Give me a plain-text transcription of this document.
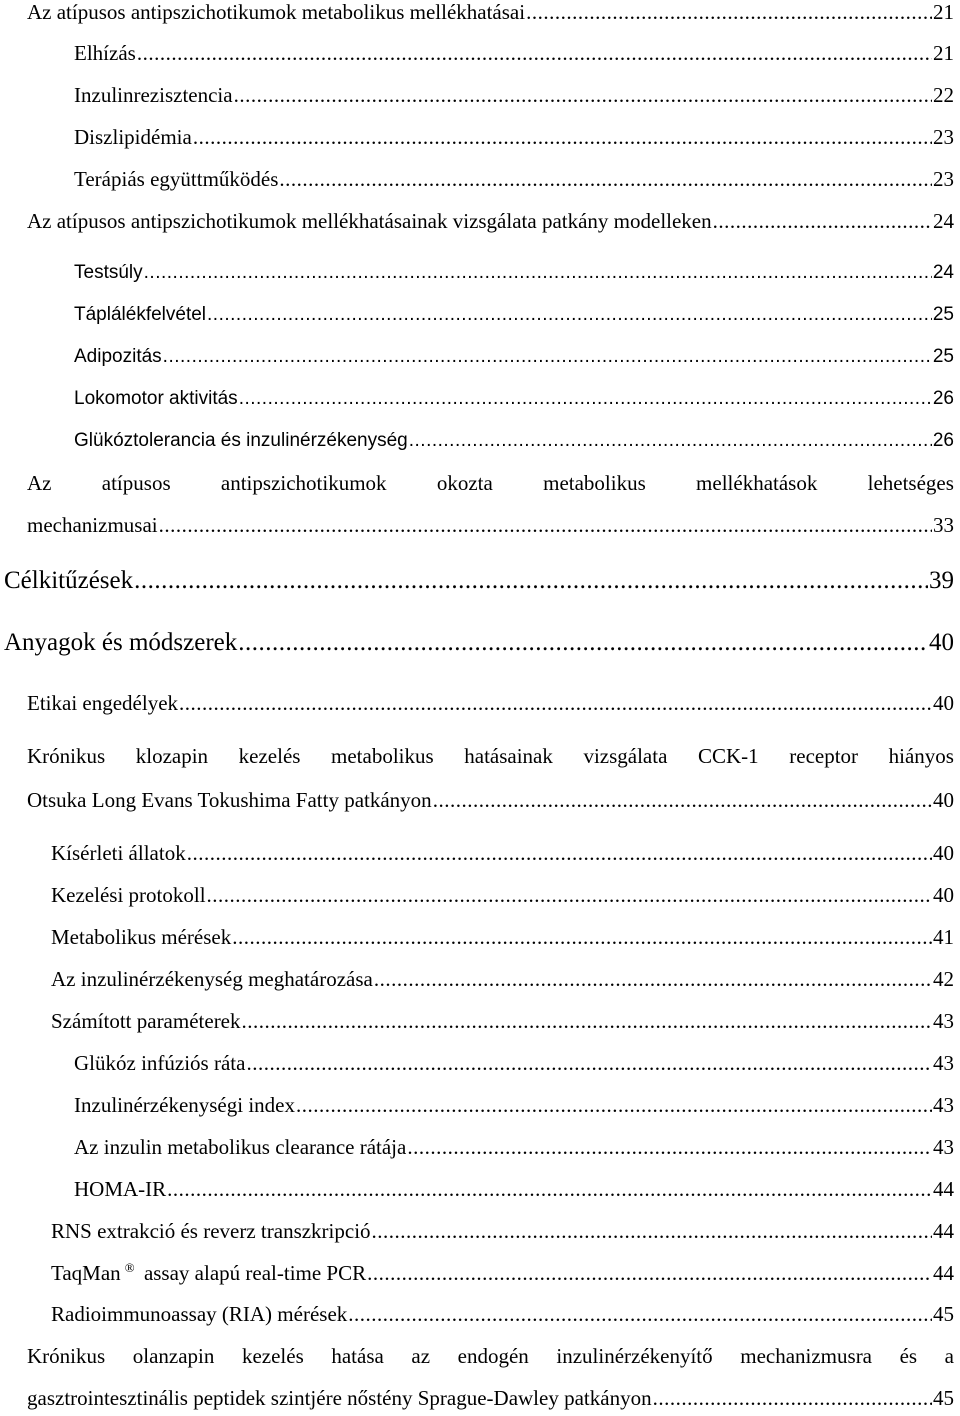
Az atípusos antipszichotikumok metabolikus mellékhatásai .....	21
Elhízás .....	21
Inzulinrezisztencia .....	22
Diszlipidémia .....	23
Terápiás együttműködés .....	23
Az atípusos antipszichotikumok mellékhatásainak vizsgálata patkány modelleken .....	24
Testsúly .....	24
Táplálékfelvétel .....	25
Adipozitás .....	25
Lokomotor aktivitás .....	26
Glükóztolerancia és inzulinérzékenység .....	26
Az atípusos antipszichotikumok okozta metabolikus mellékhatások lehetséges
mechanizmusai .....	33
Célkitűzések .....	39
Anyagok és módszerek .....	40
Etikai engedélyek .....	40
Krónikus klozapin kezelés metabolikus hatásainak vizsgálata CCK-1 receptor hiányos
Otsuka Long Evans Tokushima Fatty patkányon .....	40
Kísérleti állatok .....	40
Kezelési protokoll .....	40
Metabolikus mérések .....	41
Az inzulinérzékenység meghatározása .....	42
Számított paraméterek .....	43
Glükóz infúziós ráta .....	43
Inzulinérzékenységi index .....	43
Az inzulin metabolikus clearance rátája .....	43
HOMA-IR .....	44
RNS extrakció és reverz transzkripció .....	44
TaqMan ® assay alapú real-time PCR .....	44
Radioimmunoassay (RIA) mérések .....	45
Krónikus olanzapin kezelés hatása az endogén inzulinérzékenyítő mechanizmusra és a
gasztrointesztinális peptidek szintjére nőstény Sprague-Dawley patkányon .....	45
